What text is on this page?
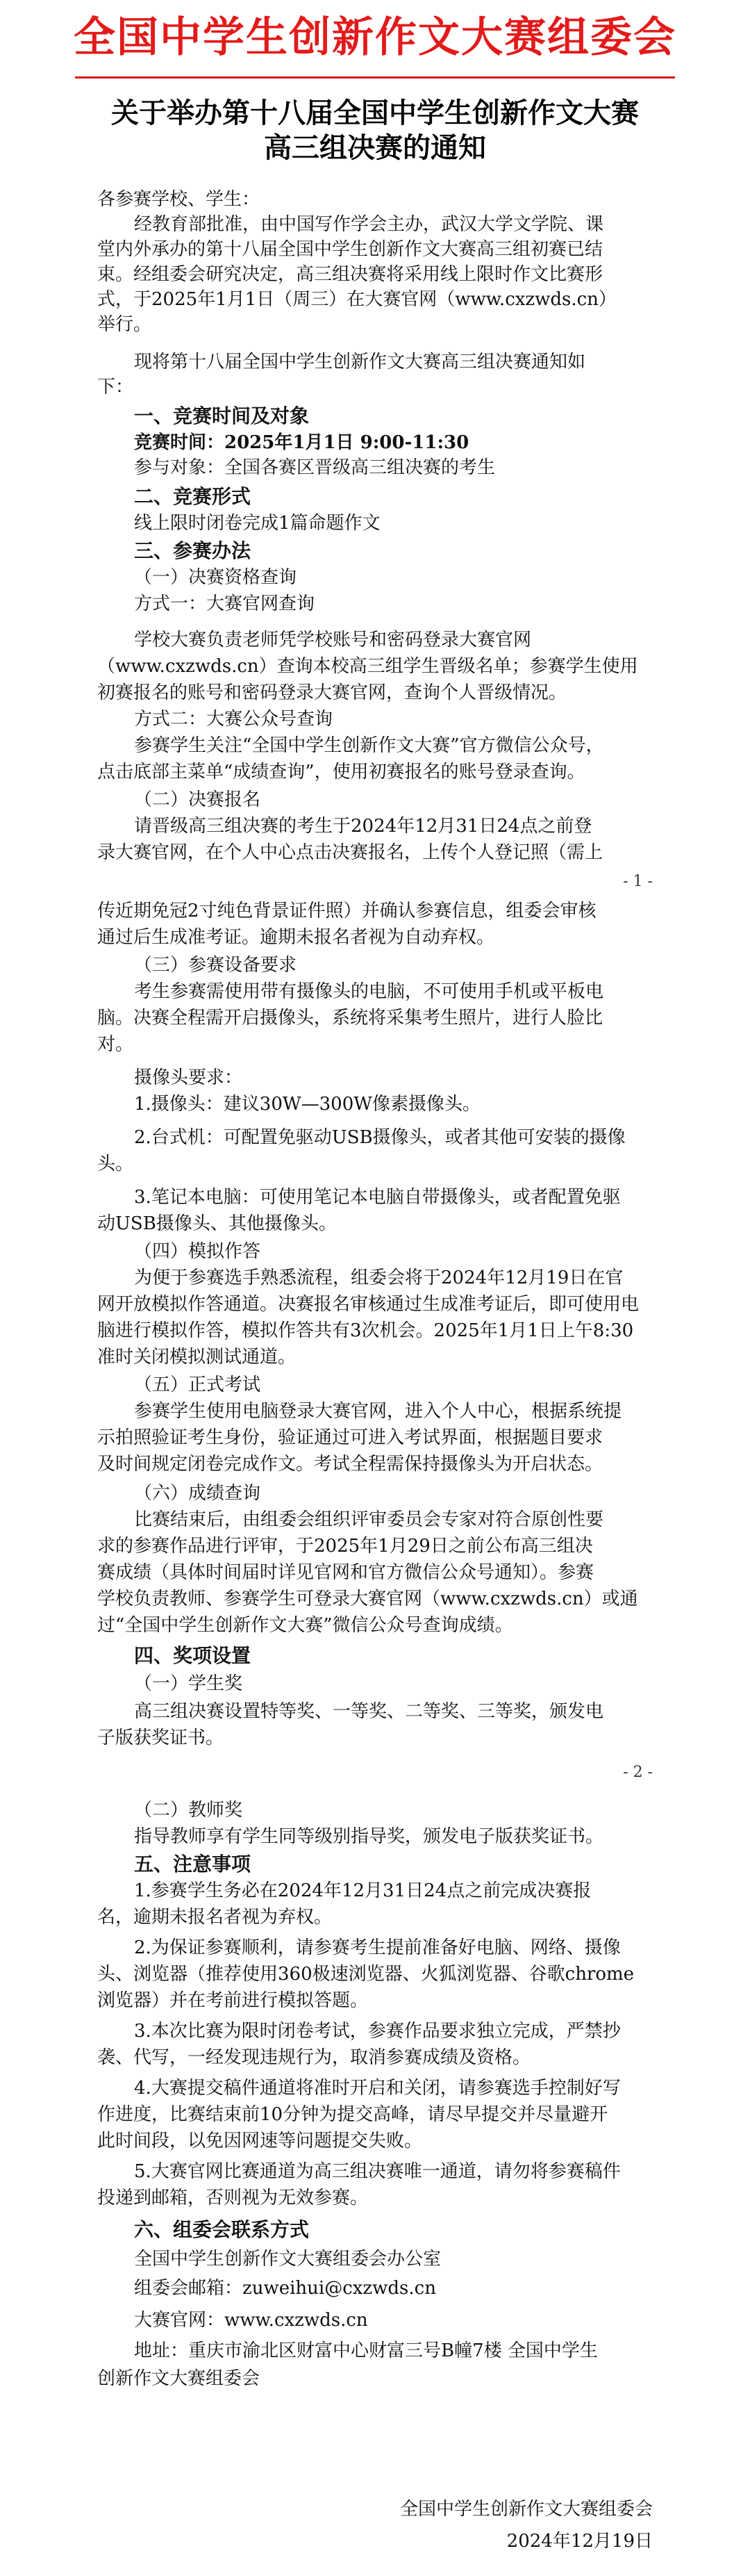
全国中学生创新作文大赛组委会
关于举办第十八届全国中学生创新作文大赛
高三组决赛的通知
各参赛学校、学生：
经教育部批准，由中国写作学会主办，武汉大学文学院、课
堂内外承办的第十八届全国中学生创新作文大赛高三组初赛已结
束。经组委会研究决定，高三组决赛将采用线上限时作文比赛形
式，于2025年1月1日（周三）在大赛官网（www.cxzwds.cn）
举行。
现将第十八届全国中学生创新作文大赛高三组决赛通知如
下：
一、竞赛时间及对象
竞赛时间：2025年1月1日 9:00-11:30
参与对象：全国各赛区晋级高三组决赛的考生
二、竞赛形式
线上限时闭卷完成1篇命题作文
三、参赛办法
（一）决赛资格查询
方式一：大赛官网查询
学校大赛负责老师凭学校账号和密码登录大赛官网
（www.cxzwds.cn）查询本校高三组学生晋级名单；参赛学生使用
初赛报名的账号和密码登录大赛官网，查询个人晋级情况。
方式二：大赛公众号查询
参赛学生关注“全国中学生创新作文大赛”官方微信公众号，
点击底部主菜单“成绩查询”，使用初赛报名的账号登录查询。
（二）决赛报名
请晋级高三组决赛的考生于2024年12月31日24点之前登
录大赛官网，在个人中心点击决赛报名，上传个人登记照（需上
- 1 -
传近期免冠2寸纯色背景证件照）并确认参赛信息，组委会审核
通过后生成准考证。逾期未报名者视为自动弃权。
（三）参赛设备要求
考生参赛需使用带有摄像头的电脑，不可使用手机或平板电
脑。决赛全程需开启摄像头，系统将采集考生照片，进行人脸比
对。
摄像头要求：
1.摄像头：建议30W—300W像素摄像头。
2.台式机：可配置免驱动USB摄像头，或者其他可安装的摄像
头。
3.笔记本电脑：可使用笔记本电脑自带摄像头，或者配置免驱
动USB摄像头、其他摄像头。
（四）模拟作答
为便于参赛选手熟悉流程，组委会将于2024年12月19日在官
网开放模拟作答通道。决赛报名审核通过生成准考证后，即可使用电
脑进行模拟作答，模拟作答共有3次机会。2025年1月1日上午8:30
准时关闭模拟测试通道。
（五）正式考试
参赛学生使用电脑登录大赛官网，进入个人中心，根据系统提
示拍照验证考生身份，验证通过可进入考试界面，根据题目要求
及时间规定闭卷完成作文。考试全程需保持摄像头为开启状态。
（六）成绩查询
比赛结束后，由组委会组织评审委员会专家对符合原创性要
求的参赛作品进行评审，于2025年1月29日之前公布高三组决
赛成绩（具体时间届时详见官网和官方微信公众号通知）。参赛
学校负责教师、参赛学生可登录大赛官网（www.cxzwds.cn）或通
过“全国中学生创新作文大赛”微信公众号查询成绩。
四、奖项设置
（一）学生奖
高三组决赛设置特等奖、一等奖、二等奖、三等奖，颁发电
子版获奖证书。
- 2 -
（二）教师奖
指导教师享有学生同等级别指导奖，颁发电子版获奖证书。
五、注意事项
1.参赛学生务必在2024年12月31日24点之前完成决赛报
名，逾期未报名者视为弃权。
2.为保证参赛顺利，请参赛考生提前准备好电脑、网络、摄像
头、浏览器（推荐使用360极速浏览器、火狐浏览器、谷歌chrome
浏览器）并在考前进行模拟答题。
3.本次比赛为限时闭卷考试，参赛作品要求独立完成，严禁抄
袭、代写，一经发现违规行为，取消参赛成绩及资格。
4.大赛提交稿件通道将准时开启和关闭，请参赛选手控制好写
作进度，比赛结束前10分钟为提交高峰，请尽早提交并尽量避开
此时间段，以免因网速等问题提交失败。
5.大赛官网比赛通道为高三组决赛唯一通道，请勿将参赛稿件
投递到邮箱，否则视为无效参赛。
六、组委会联系方式
全国中学生创新作文大赛组委会办公室
组委会邮箱：zuweihui@cxzwds.cn
大赛官网：www.cxzwds.cn
地址：重庆市渝北区财富中心财富三号B幢7楼 全国中学生
创新作文大赛组委会
全国中学生创新作文大赛组委会
2024年12月19日
